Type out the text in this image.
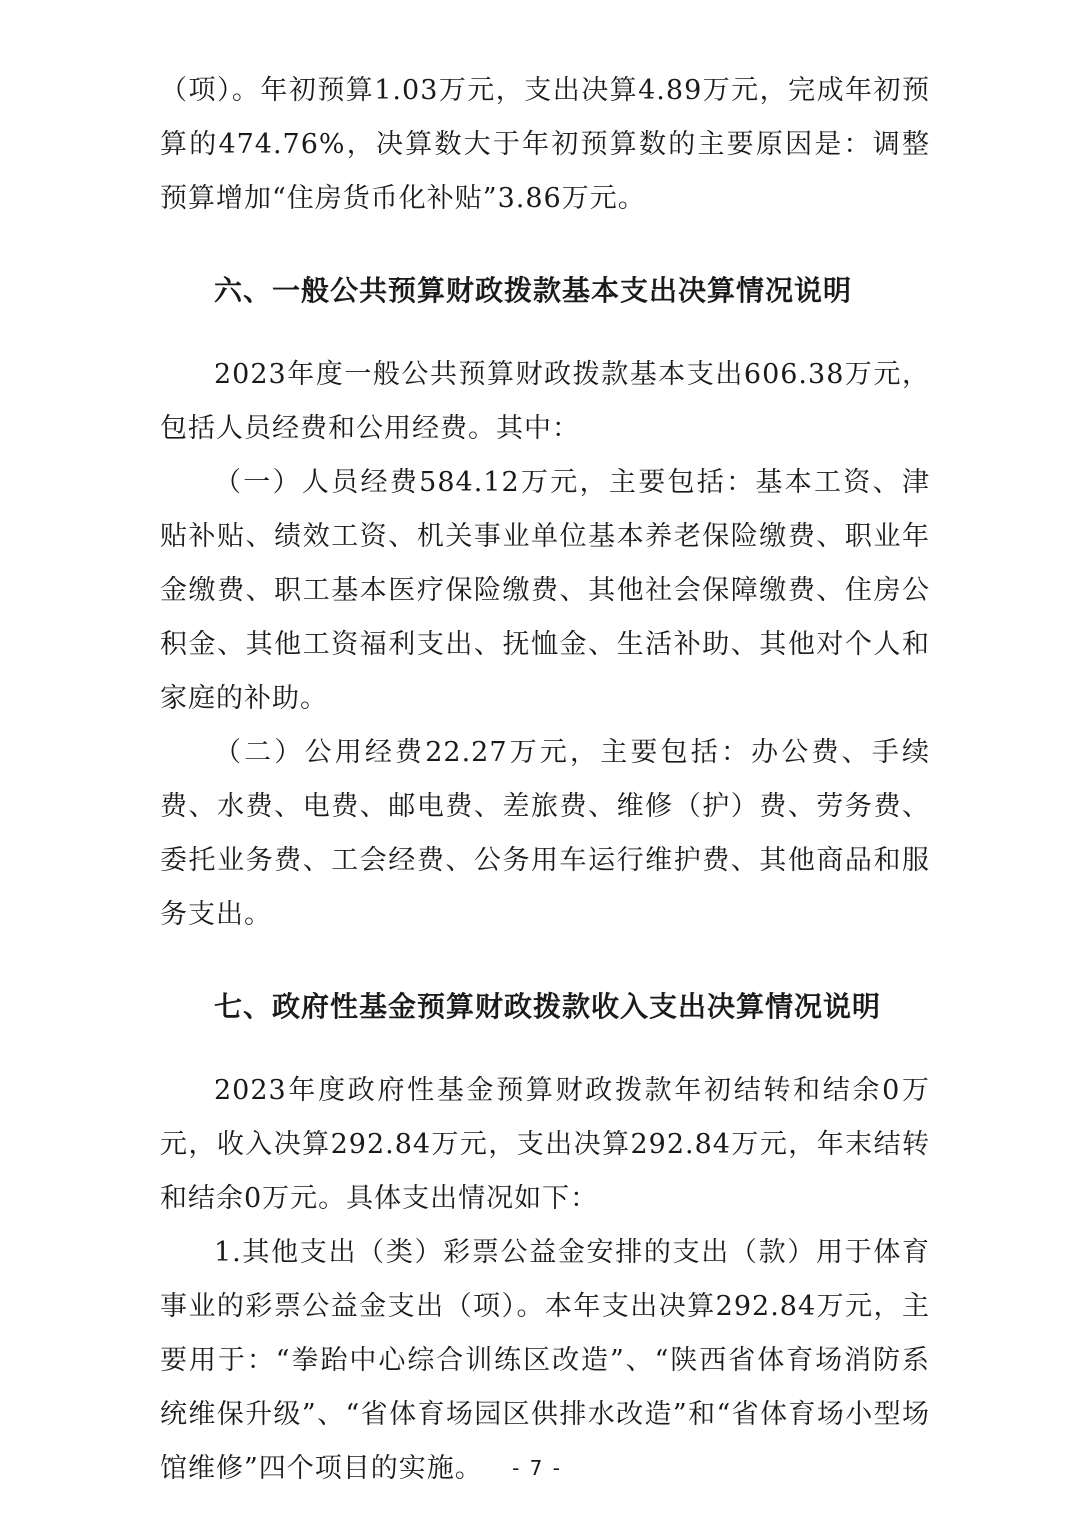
（项）。年初预算1.03万元，支出决算4.89万元，完成年初预算的474.76%，决算数大于年初预算数的主要原因是：调整预算增加“住房货币化补贴”3.86万元。

六、一般公共预算财政拨款基本支出决算情况说明

2023年度一般公共预算财政拨款基本支出606.38万元，包括人员经费和公用经费。其中：

（一）人员经费584.12万元，主要包括：基本工资、津贴补贴、绩效工资、机关事业单位基本养老保险缴费、职业年金缴费、职工基本医疗保险缴费、其他社会保障缴费、住房公积金、其他工资福利支出、抚恤金、生活补助、其他对个人和家庭的补助。

（二）公用经费22.27万元，主要包括：办公费、手续费、水费、电费、邮电费、差旅费、维修（护）费、劳务费、委托业务费、工会经费、公务用车运行维护费、其他商品和服务支出。

七、政府性基金预算财政拨款收入支出决算情况说明

2023年度政府性基金预算财政拨款年初结转和结余0万元，收入决算292.84万元，支出决算292.84万元，年末结转和结余0万元。具体支出情况如下：

1.其他支出（类）彩票公益金安排的支出（款）用于体育事业的彩票公益金支出（项）。本年支出决算292.84万元，主要用于：“拳跆中心综合训练区改造”、“陕西省体育场消防系统维保升级”、“省体育场园区供排水改造”和“省体育场小型场馆维修”四个项目的实施。	- 7 -
